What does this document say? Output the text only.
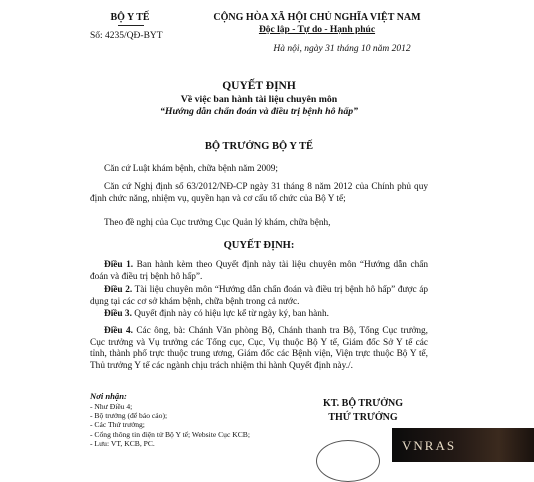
BỘ Y TẾ
Số: 4235/QĐ-BYT
CỘNG HÒA XÃ HỘI CHỦ NGHĨA VIỆT NAM
Độc lập - Tự do - Hạnh phúc
Hà nội, ngày 31 tháng 10 năm 2012
QUYẾT ĐỊNH
Về việc ban hành tài liệu chuyên môn
“Hướng dẫn chẩn đoán và điều trị bệnh hô hấp”
BỘ TRƯỞNG BỘ Y TẾ
Căn cứ Luật khám bệnh, chữa bệnh năm 2009;
Căn cứ Nghị định số 63/2012/NĐ-CP ngày 31 tháng 8 năm 2012 của Chính phủ quy định chức năng, nhiệm vụ, quyền hạn và cơ cấu tổ chức của Bộ Y tế;
Theo đề nghị của Cục trưởng Cục Quản lý khám, chữa bệnh,
QUYẾT ĐỊNH:
Điều 1. Ban hành kèm theo Quyết định này tài liệu chuyên môn “Hướng dẫn chẩn đoán và điều trị bệnh hô hấp”.
Điều 2. Tài liệu chuyên môn “Hướng dẫn chẩn đoán và điều trị bệnh hô hấp” được áp dụng tại các cơ sở khám bệnh, chữa bệnh trong cả nước.
Điều 3. Quyết định này có hiệu lực kể từ ngày ký, ban hành.
Điều 4. Các ông, bà: Chánh Văn phòng Bộ, Chánh thanh tra Bộ, Tổng Cục trưởng, Cục trưởng và Vụ trưởng các Tổng cục, Cục, Vụ thuộc Bộ Y tế, Giám đốc Sở Y tế các tỉnh, thành phố trực thuộc trung ương, Giám đốc các Bệnh viện, Viện trực thuộc Bộ Y tế, Thủ trưởng Y tế các ngành chịu trách nhiệm thi hành Quyết định này./.
Nơi nhận:
- Như Điều 4;
- Bộ trưởng (để báo cáo);
- Các Thứ trưởng;
- Cổng thông tin điện tử Bộ Y tế; Website Cục KCB;
- Lưu: VT, KCB, PC.
KT. BỘ TRƯỞNG
THỨ TRƯỞNG
VNRAS
